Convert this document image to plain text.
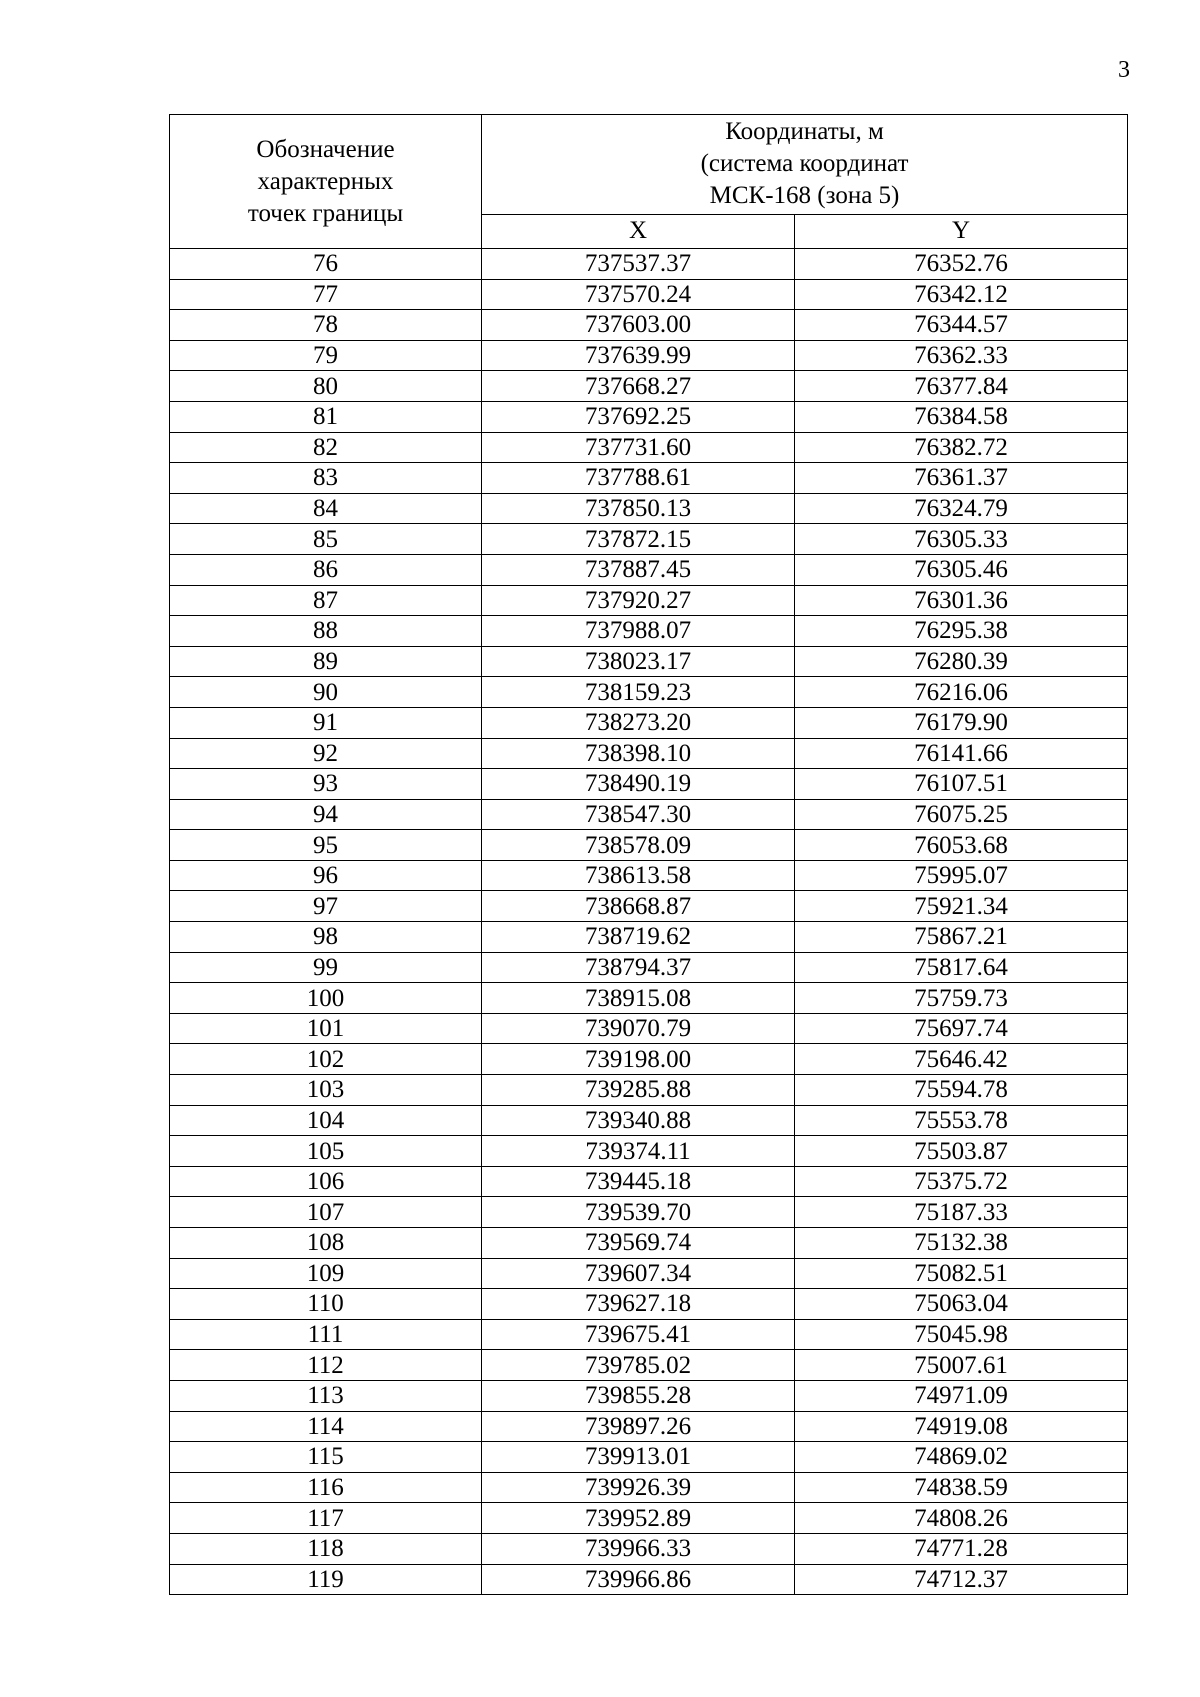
3
Обозначение
характерных
точек границы	Координаты, м
(система координат
МСК-168 (зона 5)	

	X	Y
76	737537.37	76352.76
77	737570.24	76342.12
78	737603.00	76344.57
79	737639.99	76362.33
80	737668.27	76377.84
81	737692.25	76384.58
82	737731.60	76382.72
83	737788.61	76361.37
84	737850.13	76324.79
85	737872.15	76305.33
86	737887.45	76305.46
87	737920.27	76301.36
88	737988.07	76295.38
89	738023.17	76280.39
90	738159.23	76216.06
91	738273.20	76179.90
92	738398.10	76141.66
93	738490.19	76107.51
94	738547.30	76075.25
95	738578.09	76053.68
96	738613.58	75995.07
97	738668.87	75921.34
98	738719.62	75867.21
99	738794.37	75817.64
100	738915.08	75759.73
101	739070.79	75697.74
102	739198.00	75646.42
103	739285.88	75594.78
104	739340.88	75553.78
105	739374.11	75503.87
106	739445.18	75375.72
107	739539.70	75187.33
108	739569.74	75132.38
109	739607.34	75082.51
110	739627.18	75063.04
111	739675.41	75045.98
112	739785.02	75007.61
113	739855.28	74971.09
114	739897.26	74919.08
115	739913.01	74869.02
116	739926.39	74838.59
117	739952.89	74808.26
118	739966.33	74771.28
119	739966.86	74712.37
